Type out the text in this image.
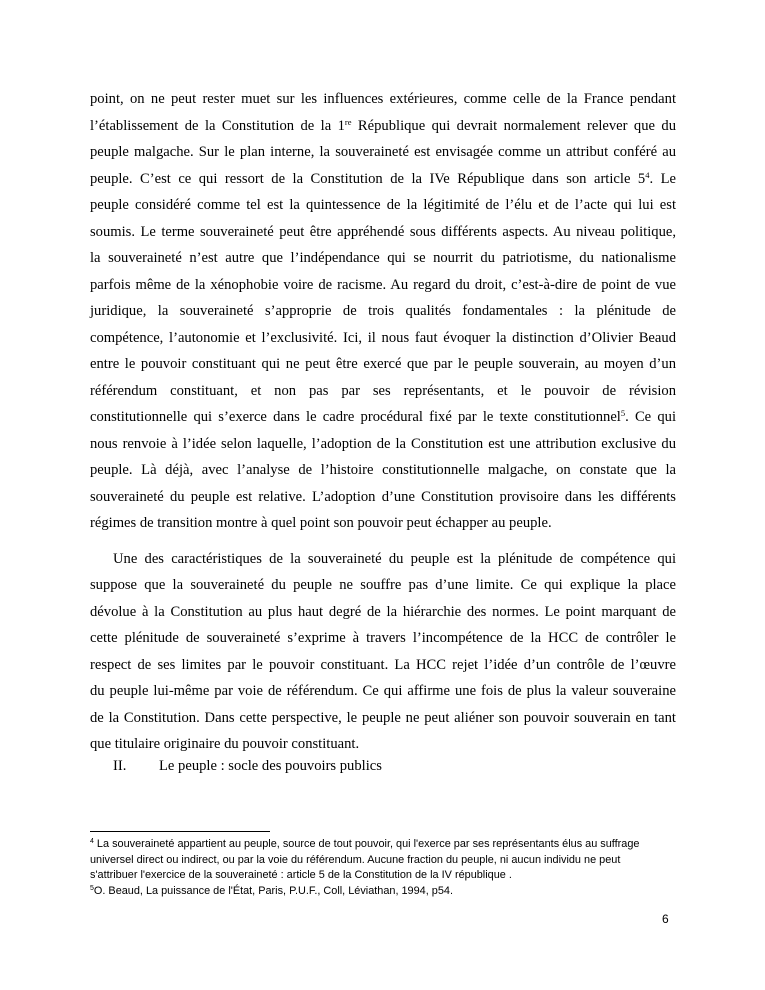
point, on ne peut rester muet sur les influences extérieures, comme celle de la France pendant
l’établissement de la Constitution de la 1re République qui devrait normalement relever que du
peuple malgache. Sur le plan interne, la souveraineté est envisagée comme un attribut conféré au
peuple. C’est ce qui ressort de la Constitution de la IVe République dans son article $5^4$. Le
peuple considéré comme tel est la quintessence de la légitimité de l’élu et de l’acte qui lui est
soumis. Le terme souveraineté peut être appréhendé sous différents aspects. Au niveau politique,
la souveraineté n’est autre que l’indépendance qui se nourrit du patriotisme, du nationalisme
parfois même de la xénophobie voire de racisme. Au regard du droit, c’est-à-dire de point de vue
juridique, la souveraineté s’approprie de trois qualités fondamentales : la plénitude de
compétence, l’autonomie et l’exclusivité. Ici, il nous faut évoquer la distinction d’Olivier Beaud
entre le pouvoir constituant qui ne peut être exercé que par le peuple souverain, au moyen d’un
référendum constituant, et non pas par ses représentants, et le pouvoir de révision
constitutionnelle qui s’exerce dans le cadre procédural fixé par le texte constitutionnel$^5$. Ce qui
nous renvoie à l’idée selon laquelle, l’adoption de la Constitution est une attribution exclusive du
peuple. Là déjà, avec l’analyse de l’histoire constitutionnelle malgache, on constate que la
souveraineté du peuple est relative. L’adoption d’une Constitution provisoire dans les différents
régimes de transition montre à quel point son pouvoir peut échapper au peuple.

Une des caractéristiques de la souveraineté du peuple est la plénitude de compétence qui
suppose que la souveraineté du peuple ne souffre pas d’une limite. Ce qui explique la place
dévolue à la Constitution au plus haut degré de la hiérarchie des normes. Le point marquant de
cette plénitude de souveraineté s’exprime à travers l’incompétence de la HCC de contrôler le
respect de ses limites par le pouvoir constituant. La HCC rejet l’idée d’un contrôle de l’œuvre
du peuple lui-même par voie de référendum. Ce qui affirme une fois de plus la valeur souveraine
de la Constitution. Dans cette perspective, le peuple ne peut aliéner son pouvoir souverain en tant
que titulaire originaire du pouvoir constituant.

II.	Le peuple : socle des pouvoirs publics
$^4$ La souveraineté appartient au peuple, source de tout pouvoir, qui l'exerce par ses représentants élus au suffrage
universel direct ou indirect, ou par la voie du référendum. Aucune fraction du peuple, ni aucun individu ne peut
s'attribuer l'exercice de la souveraineté : article 5 de la Constitution de la IV république .
$^5$O. Beaud, La puissance de l'État, Paris, P.U.F., Coll, Léviathan, 1994, p54.
6
